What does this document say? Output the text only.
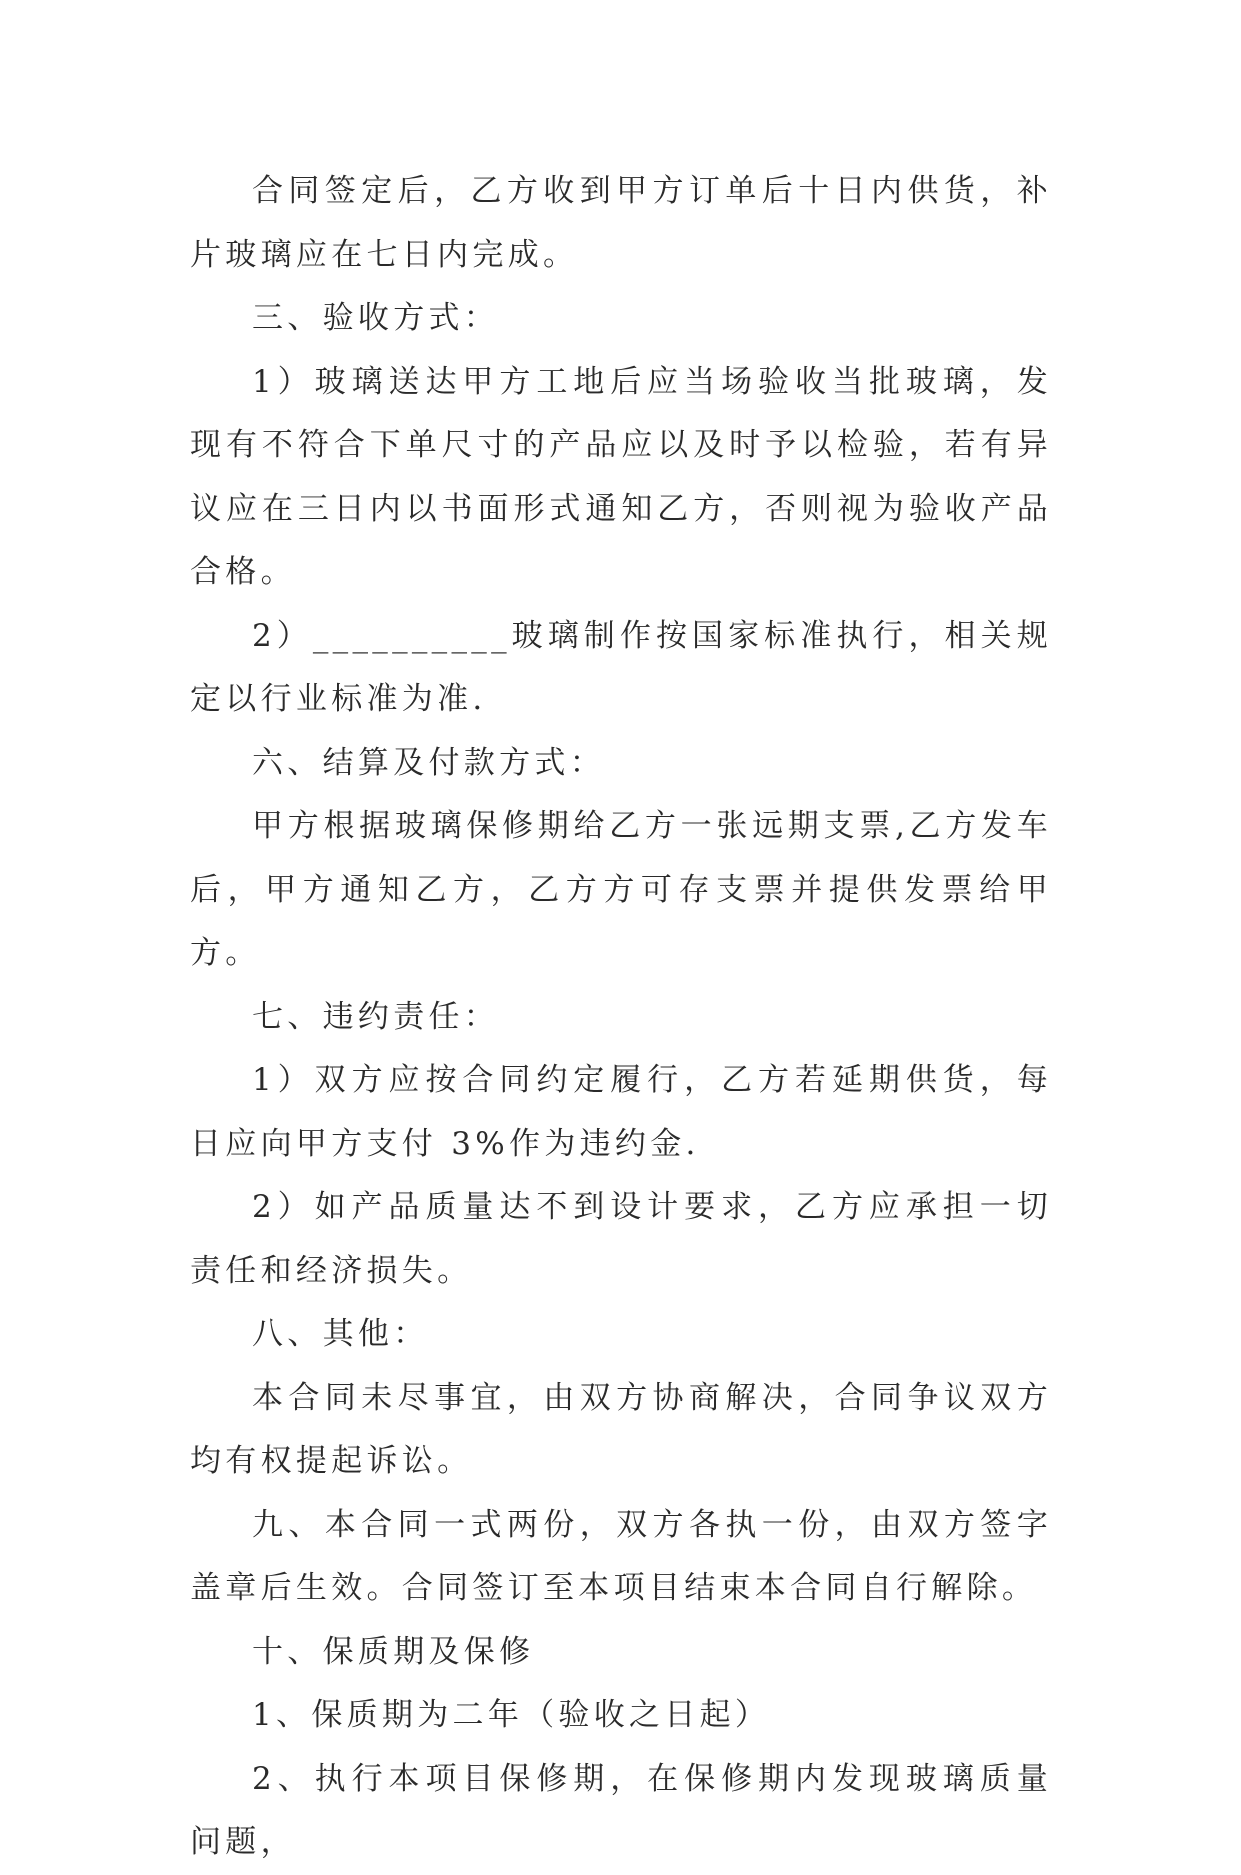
合同签定后，乙方收到甲方订单后十日内供货，补片玻璃应在七日内完成。

三、验收方式：

1）玻璃送达甲方工地后应当场验收当批玻璃，发现有不符合下单尺寸的产品应以及时予以检验，若有异议应在三日内以书面形式通知乙方，否则视为验收产品合格。

2）__________玻璃制作按国家标准执行，相关规定以行业标准为准.

六、结算及付款方式：

甲方根据玻璃保修期给乙方一张远期支票,乙方发车后，甲方通知乙方，乙方方可存支票并提供发票给甲方。

七、违约责任：

1）双方应按合同约定履行，乙方若延期供货，每日应向甲方支付 3%作为违约金.

2）如产品质量达不到设计要求，乙方应承担一切责任和经济损失。

八、其他：

本合同未尽事宜，由双方协商解决，合同争议双方均有权提起诉讼。

九、本合同一式两份，双方各执一份，由双方签字盖章后生效。合同签订至本项目结束本合同自行解除。

十、保质期及保修

1、保质期为二年（验收之日起）

2、执行本项目保修期，在保修期内发现玻璃质量问题，
